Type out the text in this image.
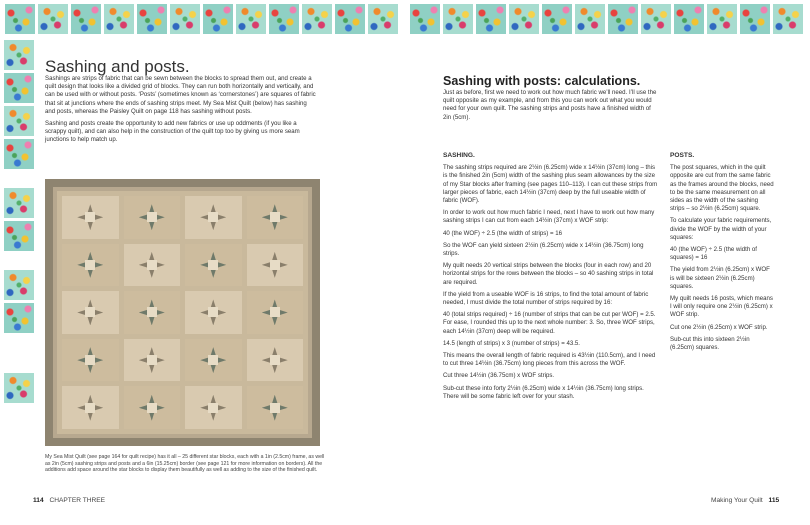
Sashing and posts.

Sashings are strips of fabric that can be sewn between the blocks to spread them out, and create a quilt design that looks like a divided grid of blocks. They can run both horizontally and vertically, and can be used with or without posts. ‘Posts’ (sometimes known as ‘cornerstones’) are squares of fabric that sit at junctions where the ends of sashing strips meet. My Sea Mist Quilt (below) has sashing and posts, whereas the Paisley Quilt on page 118 has sashing without posts.

Sashing and posts create the opportunity to add new fabrics or use up oddments (if you like a scrappy quilt), and can also help in the construction of the quilt top too by giving us more seam junctions to help match up.

My Sea Mist Quilt (see page 164 for quilt recipe) has it all – 25 different star blocks, each with a 1in (2.5cm) frame, as well as 2in (5cm) sashing strips and posts and a 6in (15.25cm) border (see page 121 for more information on borders). All the additions add space around the star blocks to display them beautifully as well as adding to the size of the finished quilt.

114 CHAPTER THREE
Sashing with posts: calculations.

Just as before, first we need to work out how much fabric we’ll need. I’ll use the quilt opposite as my example, and from this you can work out what you would need for your own quilt. The sashing strips and posts have a finished width of 2in (5cm).

SASHING.

The sashing strips required are 2½in (6.25cm) wide x 14½in (37cm) long – this is the finished 2in (5cm) width of the sashing plus seam allowances by the size of my Star blocks after framing (see pages 110–113). I can cut these strips from larger pieces of fabric, each 14½in (37cm) deep by the full useable width of fabric (WOF).

In order to work out how much fabric I need, next I have to work out how many sashing strips I can cut from each 14½in (37cm) x WOF strip:

40 (the WOF) ÷ 2.5 (the width of strips) = 16

So the WOF can yield sixteen 2½in (6.25cm) wide x 14½in (36.75cm) long strips.

My quilt needs 20 vertical strips between the blocks (four in each row) and 20 horizontal strips for the rows between the blocks – so 40 sashing strips in total are required.

If the yield from a useable WOF is 16 strips, to find the total amount of fabric needed, I must divide the total number of strips required by 16:

40 (total strips required) ÷ 16 (number of strips that can be cut per WOF) = 2.5. For ease, I rounded this up to the next whole number: 3. So, three WOF strips, each 14½in (37cm) deep will be required.

14.5 (length of strips) x 3 (number of strips) = 43.5.

This means the overall length of fabric required is 43½in (110.5cm), and I need to cut three 14½in (36.75cm) long pieces from this across the WOF.

Cut three 14½in (36.75cm) x WOF strips.

Sub-cut these into forty 2½in (6.25cm) wide x 14½in (36.75cm) long strips. There will be some fabric left over for your stash.

POSTS.

The post squares, which in the quilt opposite are cut from the same fabric as the frames around the blocks, need to be the same measurement on all sides as the width of the sashing strips – so 2½in (6.25cm) square.

To calculate your fabric requirements, divide the WOF by the width of your squares:

40 (the WOF) ÷ 2.5 (the width of squares) = 16

The yield from 2½in (6.25cm) x WOF is will be sixteen 2½in (6.25cm) squares.

My quilt needs 16 posts, which means I will only require one 2½in (6.25cm) x WOF strip.

Cut one 2½in (6.25cm) x WOF strip.

Sub-cut this into sixteen 2½in (6.25cm) squares.

Making Your Quilt 115
